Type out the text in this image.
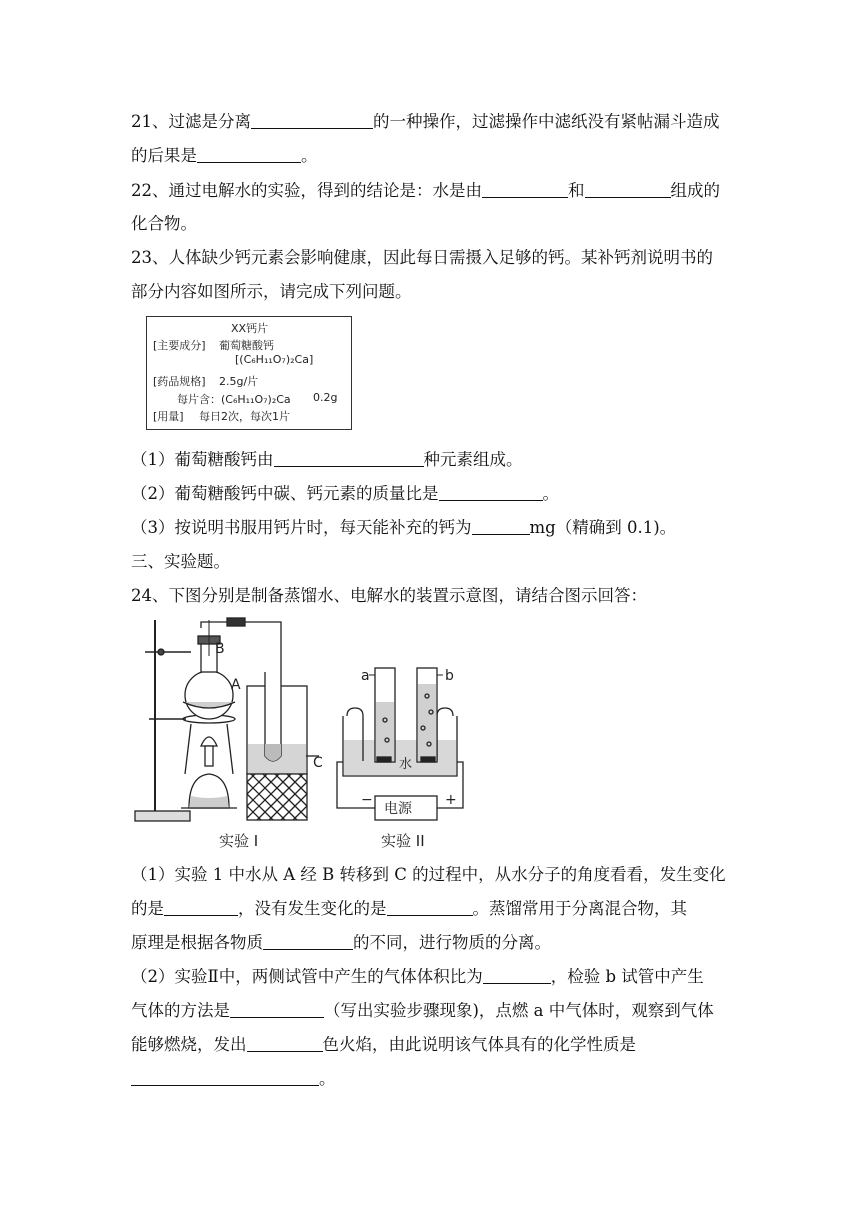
21、过滤是分离	的一种操作，过滤操作中滤纸没有紧帖漏斗造成
的后果是	。
22、通过电解水的实验，得到的结论是：水是由	和	组成的
化合物。
23、人体缺少钙元素会影响健康，因此每日需摄入足够的钙。某补钙剂说明书的
部分内容如图所示，请完成下列问题。
XX钙片
[主要成分] 葡萄糖酸钙
[(C₆H₁₁O₇)₂Ca]
[药品规格] 2.5g/片
每片含：(C₆H₁₁O₇)₂Ca 0.2g
[用量] 每日2次，每次1片
（1）葡萄糖酸钙由	种元素组成。
（2）葡萄糖酸钙中碳、钙元素的质量比是	。
（3）按说明书服用钙片时，每天能补充的钙为	mg（精确到 0.1)。
三、实验题。
24、下图分别是制备蒸馏水、电解水的装置示意图，请结合图示回答：
A
B
C
a	b
水
−	+
电源
实验 I	实验 II
（1）实验 1 中水从 A 经 B 转移到 C 的过程中，从水分子的角度看看，发生变化
的是	，没有发生变化的是	。蒸馏常用于分离混合物，其
原理是根据各物质	的不同，进行物质的分离。
（2）实验Ⅱ中，两侧试管中产生的气体体积比为	，检验 b 试管中产生
气体的方法是	（写出实验步骤现象)，点燃 a 中气体时，观察到气体
能够燃烧，发出	色火焰，由此说明该气体具有的化学性质是
。
